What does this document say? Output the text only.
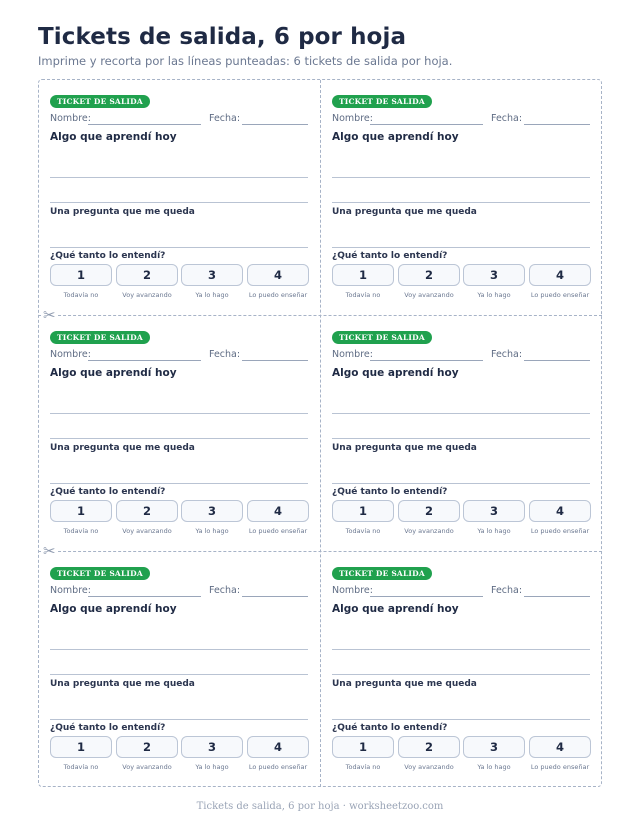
Tickets de salida, 6 por hoja
Imprime y recorta por las líneas punteadas: 6 tickets de salida por hoja.
✂
✂
TICKET DE SALIDA
Nombre:	Fecha:
Algo que aprendí hoy
Una pregunta que me queda
¿Qué tanto lo entendí?
1
Todavía no
2
Voy avanzando
3
Ya lo hago
4
Lo puedo enseñar
TICKET DE SALIDA
Nombre:	Fecha:
Algo que aprendí hoy
Una pregunta que me queda
¿Qué tanto lo entendí?
1
Todavía no
2
Voy avanzando
3
Ya lo hago
4
Lo puedo enseñar
TICKET DE SALIDA
Nombre:	Fecha:
Algo que aprendí hoy
Una pregunta que me queda
¿Qué tanto lo entendí?
1
Todavía no
2
Voy avanzando
3
Ya lo hago
4
Lo puedo enseñar
TICKET DE SALIDA
Nombre:	Fecha:
Algo que aprendí hoy
Una pregunta que me queda
¿Qué tanto lo entendí?
1
Todavía no
2
Voy avanzando
3
Ya lo hago
4
Lo puedo enseñar
TICKET DE SALIDA
Nombre:	Fecha:
Algo que aprendí hoy
Una pregunta que me queda
¿Qué tanto lo entendí?
1
Todavía no
2
Voy avanzando
3
Ya lo hago
4
Lo puedo enseñar
TICKET DE SALIDA
Nombre:	Fecha:
Algo que aprendí hoy
Una pregunta que me queda
¿Qué tanto lo entendí?
1
Todavía no
2
Voy avanzando
3
Ya lo hago
4
Lo puedo enseñar
Tickets de salida, 6 por hoja · worksheetzoo.com
